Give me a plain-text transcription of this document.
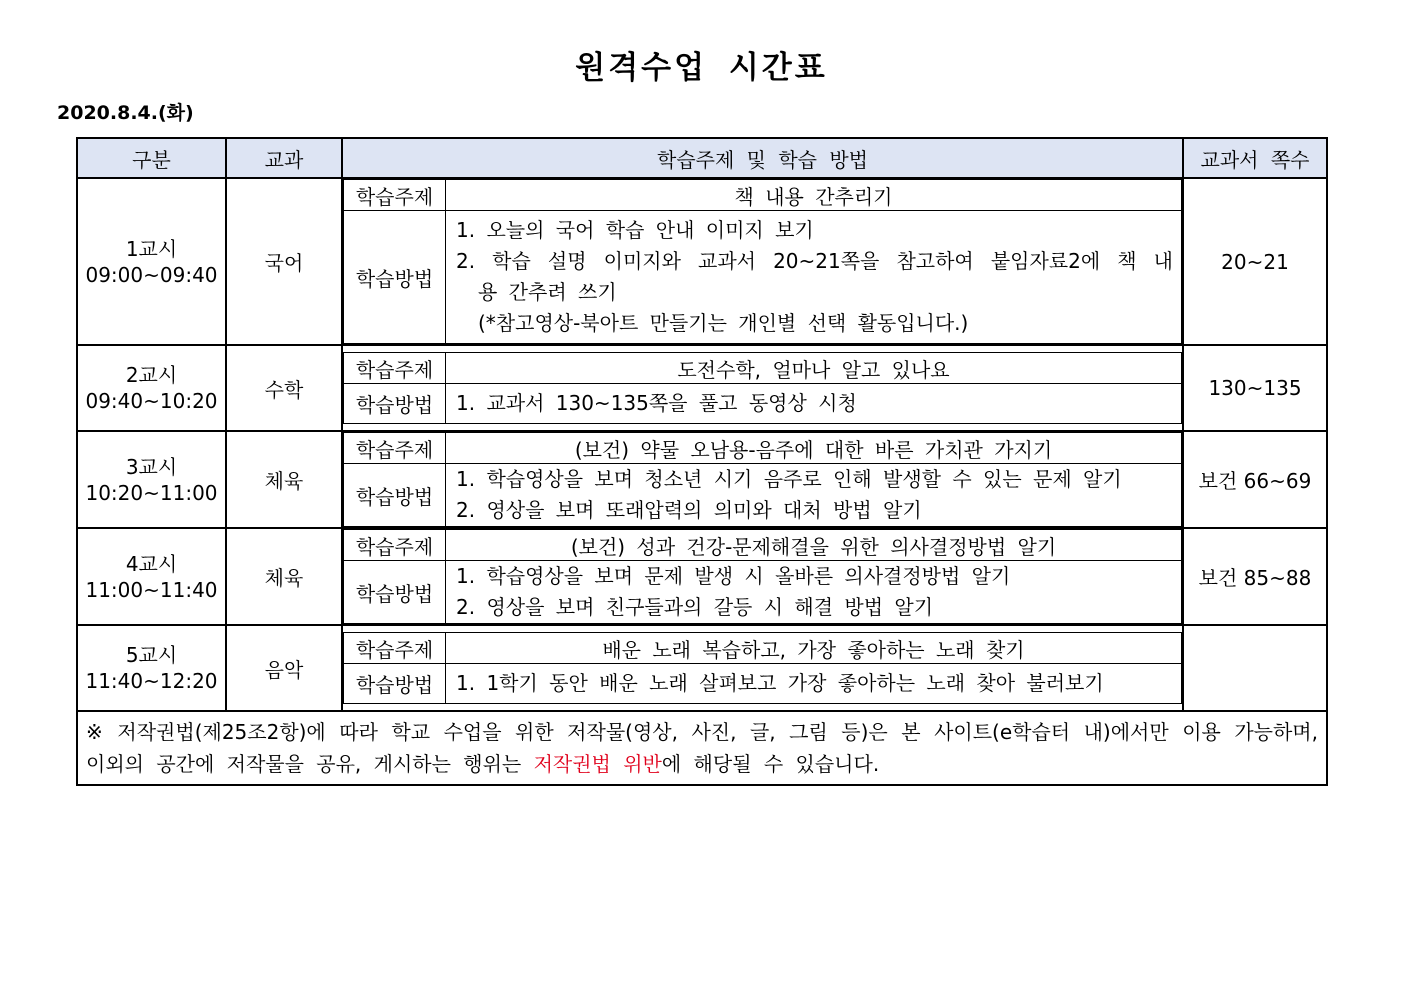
원격수업 시간표
2020.8.4.(화)
구분	교과	학습주제 및 학습 방법	교과서 쪽수

1교시
09:00~09:40	국어	
학습주제	책 내용 간추리기
학습방법	
1. 오늘의 국어 학습 안내 이미지 보기
2. 학습 설명 이미지와 교과서 20~21쪽을 참고하여 붙임자료2에 책 내
용 간추려 쓰기
(*참고영상-북아트 만들기는 개인별 선택 활동입니다.)
	20~21

2교시
09:40~10:20	수학	
학습주제	도전수학, 얼마나 알고 있나요
학습방법	1. 교과서 130~135쪽을 풀고 동영상 시청
	130~135

3교시
10:20~11:00	체육	
학습주제	(보건) 약물 오남용-음주에 대한 바른 가치관 가지기
학습방법	
1. 학습영상을 보며 청소년 시기 음주로 인해 발생할 수 있는 문제 알기
2. 영상을 보며 또래압력의 의미와 대처 방법 알기
	보건 66~69

4교시
11:00~11:40	체육	
학습주제	(보건) 성과 건강-문제해결을 위한 의사결정방법 알기
학습방법	
1. 학습영상을 보며 문제 발생 시 올바른 의사결정방법 알기
2. 영상을 보며 친구들과의 갈등 시 해결 방법 알기
	보건 85~88

5교시
11:40~12:20	음악	
학습주제	배운 노래 복습하고, 가장 좋아하는 노래 찾기
학습방법	1. 1학기 동안 배운 노래 살펴보고 가장 좋아하는 노래 찾아 불러보기

※ 저작권법(제25조2항)에 따라 학교 수업을 위한 저작물(영상, 사진, 글, 그림 등)은 본 사이트(e학습터 내)에서만 이용 가능하며, 이외의 공간에 저작물을 공유, 게시하는 행위는 저작권법 위반에 해당될 수 있습니다.
